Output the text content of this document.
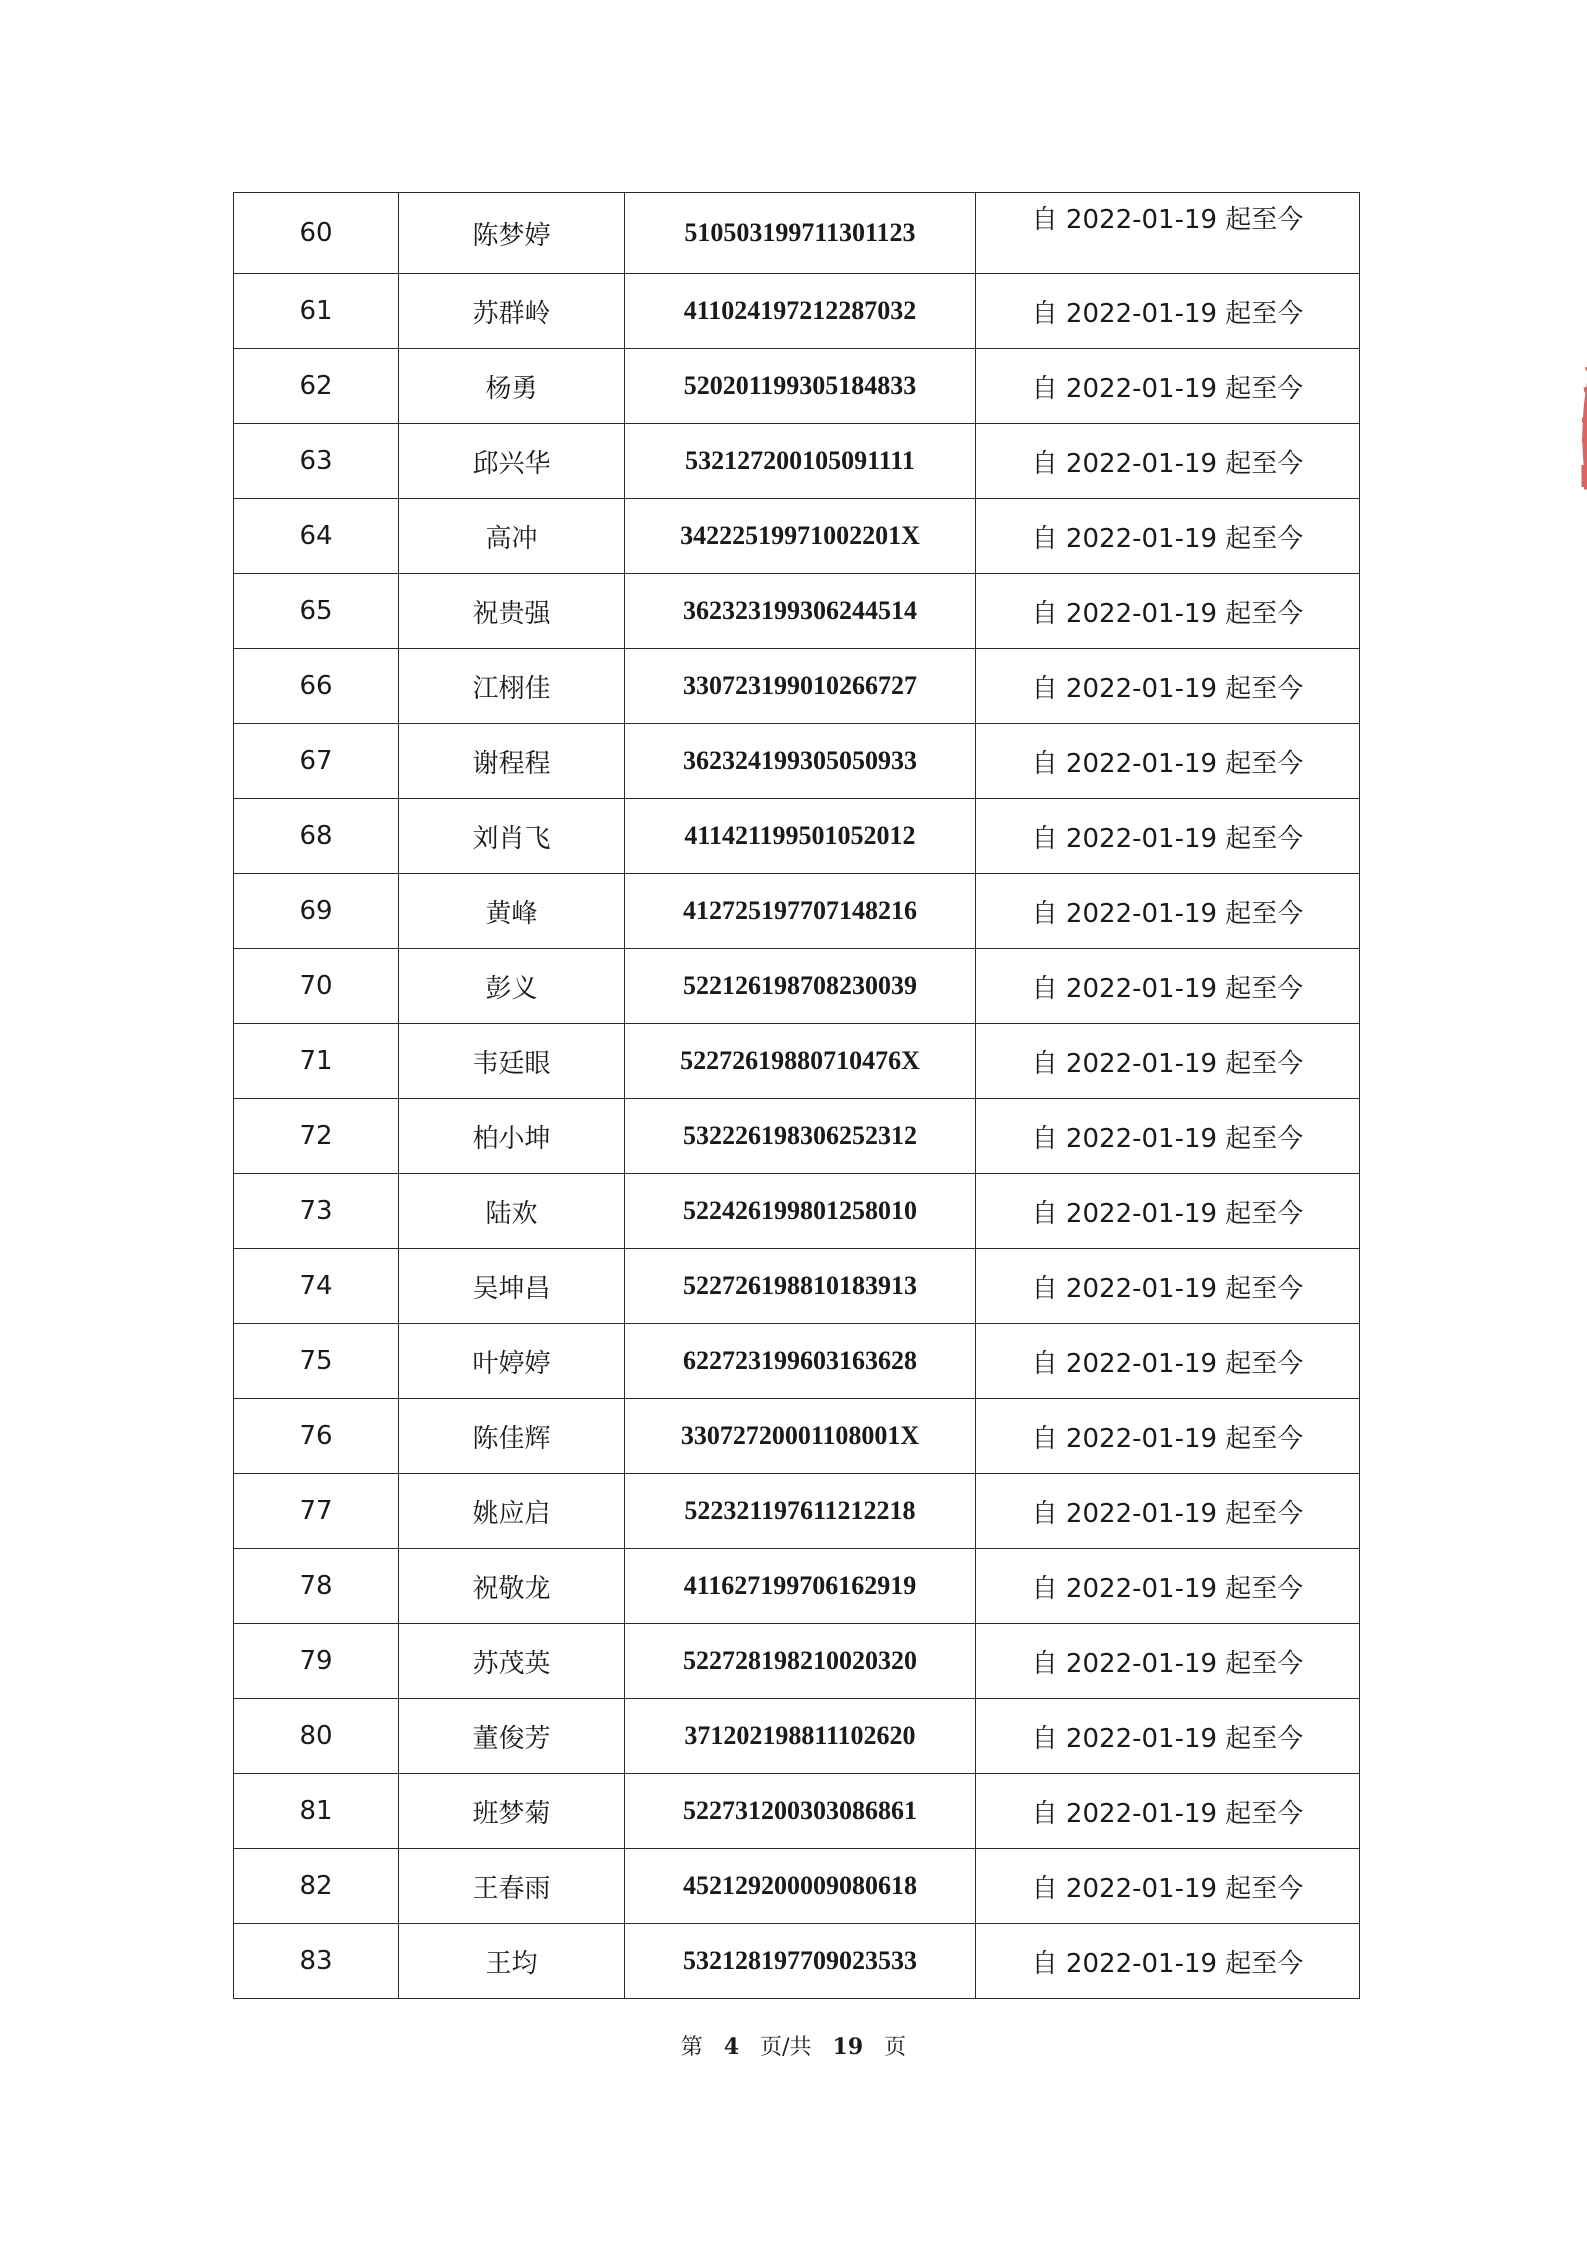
60	陈梦婷	510503199711301123	自 2022-01-19 起至今
61	苏群岭	411024197212287032	自 2022-01-19 起至今
62	杨勇	520201199305184833	自 2022-01-19 起至今
63	邱兴华	532127200105091111	自 2022-01-19 起至今
64	高冲	34222519971002201X	自 2022-01-19 起至今
65	祝贵强	362323199306244514	自 2022-01-19 起至今
66	江栩佳	330723199010266727	自 2022-01-19 起至今
67	谢程程	362324199305050933	自 2022-01-19 起至今
68	刘肖飞	411421199501052012	自 2022-01-19 起至今
69	黄峰	412725197707148216	自 2022-01-19 起至今
70	彭义	522126198708230039	自 2022-01-19 起至今
71	韦廷眼	52272619880710476X	自 2022-01-19 起至今
72	柏小坤	532226198306252312	自 2022-01-19 起至今
73	陆欢	522426199801258010	自 2022-01-19 起至今
74	吴坤昌	522726198810183913	自 2022-01-19 起至今
75	叶婷婷	622723199603163628	自 2022-01-19 起至今
76	陈佳辉	33072720001108001X	自 2022-01-19 起至今
77	姚应启	522321197611212218	自 2022-01-19 起至今
78	祝敬龙	411627199706162919	自 2022-01-19 起至今
79	苏茂英	522728198210020320	自 2022-01-19 起至今
80	董俊芳	371202198811102620	自 2022-01-19 起至今
81	班梦菊	522731200303086861	自 2022-01-19 起至今
82	王春雨	452129200009080618	自 2022-01-19 起至今
83	王均	532128197709023533	自 2022-01-19 起至今
第 4 页/共 19 页
